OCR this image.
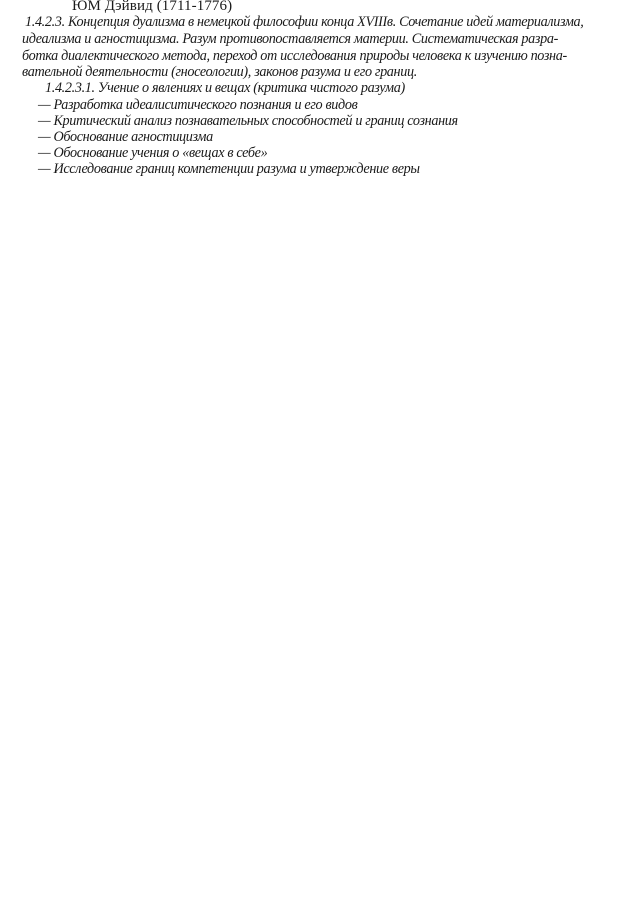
ЮМ Дэйвид (1711-1776)
1.4.2.3. Концепция дуализма в немецкой философии конца XVIIIв. Сочетание идей материализма,
идеализма и агностицизма. Разум противопоставляется материи. Систематическая разра-
ботка диалектического метода, переход от исследования природы человека к изучению позна-
вательной деятельности (гносеологии), законов разума и его границ.
1.4.2.3.1. Учение о явлениях и вещах (критика чистого разума)
— Разработка идеалиситического познания и его видов
— Критический анализ познавательных способностей и границ сознания
— Обоснование агностицизма
— Обоснование учения о «вещах в себе»
— Исследование границ компетенции разума и утверждение веры
